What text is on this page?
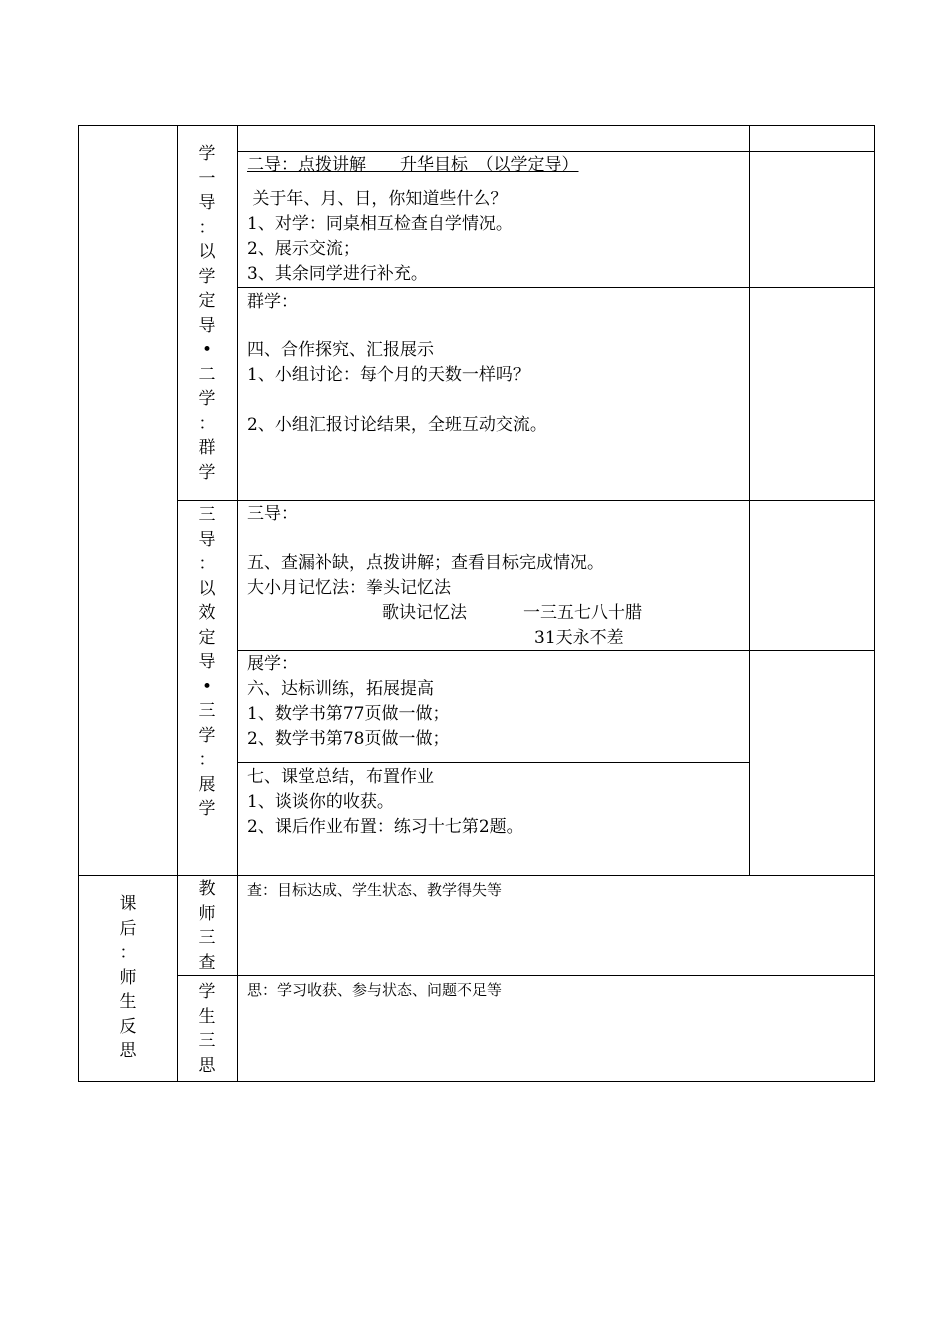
学
一
导
：
以
学
定
导
•
二
学
：
群
学
三
导
：
以
效
定
导
•
三
学
：
展
学
课
后
：
师
生
反
思
教
师
三
查
学
生
三
思
二导：点拨讲解　　升华目标　（以学定导）
关于年、月、日，你知道些什么？
1、对学：同桌相互检查自学情况。
2、展示交流；
3、其余同学进行补充。
群学：
四、合作探究、汇报展示
1、小组讨论：每个月的天数一样吗？
2、小组汇报讨论结果，全班互动交流。
三导：
五、查漏补缺，点拨讲解；查看目标完成情况。
大小月记忆法：拳头记忆法
歌诀记忆法	一三五七八十腊
31天永不差
展学：
六、达标训练，拓展提高
1、数学书第77页做一做；
2、数学书第78页做一做；
七、课堂总结，布置作业
1、谈谈你的收获。
2、课后作业布置：练习十七第2题。
查：目标达成、学生状态、教学得失等
思：学习收获、参与状态、问题不足等
